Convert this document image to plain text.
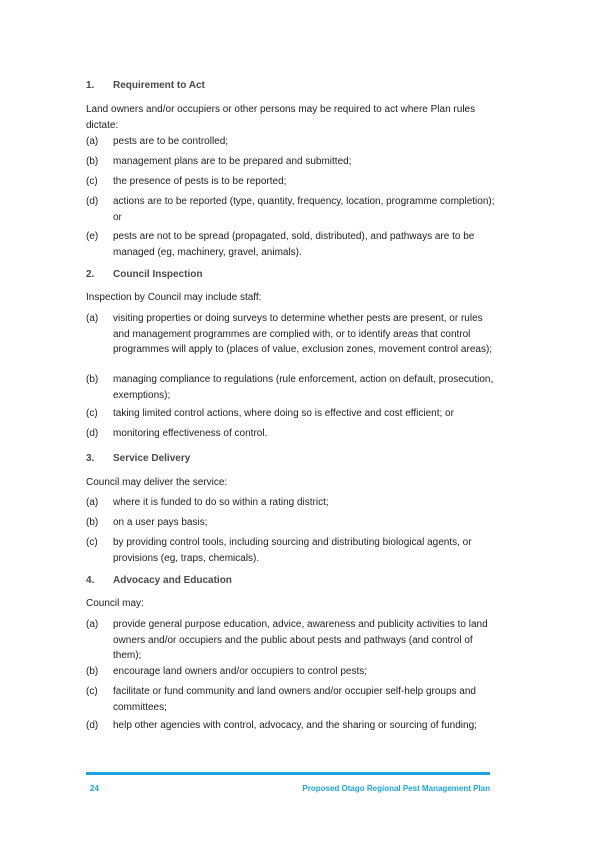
1. Requirement to Act
Land owners and/or occupiers or other persons may be required to act where Plan rules dictate:
(a) pests are to be controlled;
(b) management plans are to be prepared and submitted;
(c) the presence of pests is to be reported;
(d) actions are to be reported (type, quantity, frequency, location, programme completion); or
(e) pests are not to be spread (propagated, sold, distributed), and pathways are to be managed (eg, machinery, gravel, animals).
2. Council Inspection
Inspection by Council may include staff:
(a) visiting properties or doing surveys to determine whether pests are present, or rules and management programmes are complied with, or to identify areas that control programmes will apply to (places of value, exclusion zones, movement control areas);
(b) managing compliance to regulations (rule enforcement, action on default, prosecution, exemptions);
(c) taking limited control actions, where doing so is effective and cost efficient; or
(d) monitoring effectiveness of control.
3. Service Delivery
Council may deliver the service:
(a) where it is funded to do so within a rating district;
(b) on a user pays basis;
(c) by providing control tools, including sourcing and distributing biological agents, or provisions (eg, traps, chemicals).
4. Advocacy and Education
Council may:
(a) provide general purpose education, advice, awareness and publicity activities to land owners and/or occupiers and the public about pests and pathways (and control of them);
(b) encourage land owners and/or occupiers to control pests;
(c) facilitate or fund community and land owners and/or occupier self-help groups and committees;
(d) help other agencies with control, advocacy, and the sharing or sourcing of funding;
24	Proposed Otago Regional Pest Management Plan
